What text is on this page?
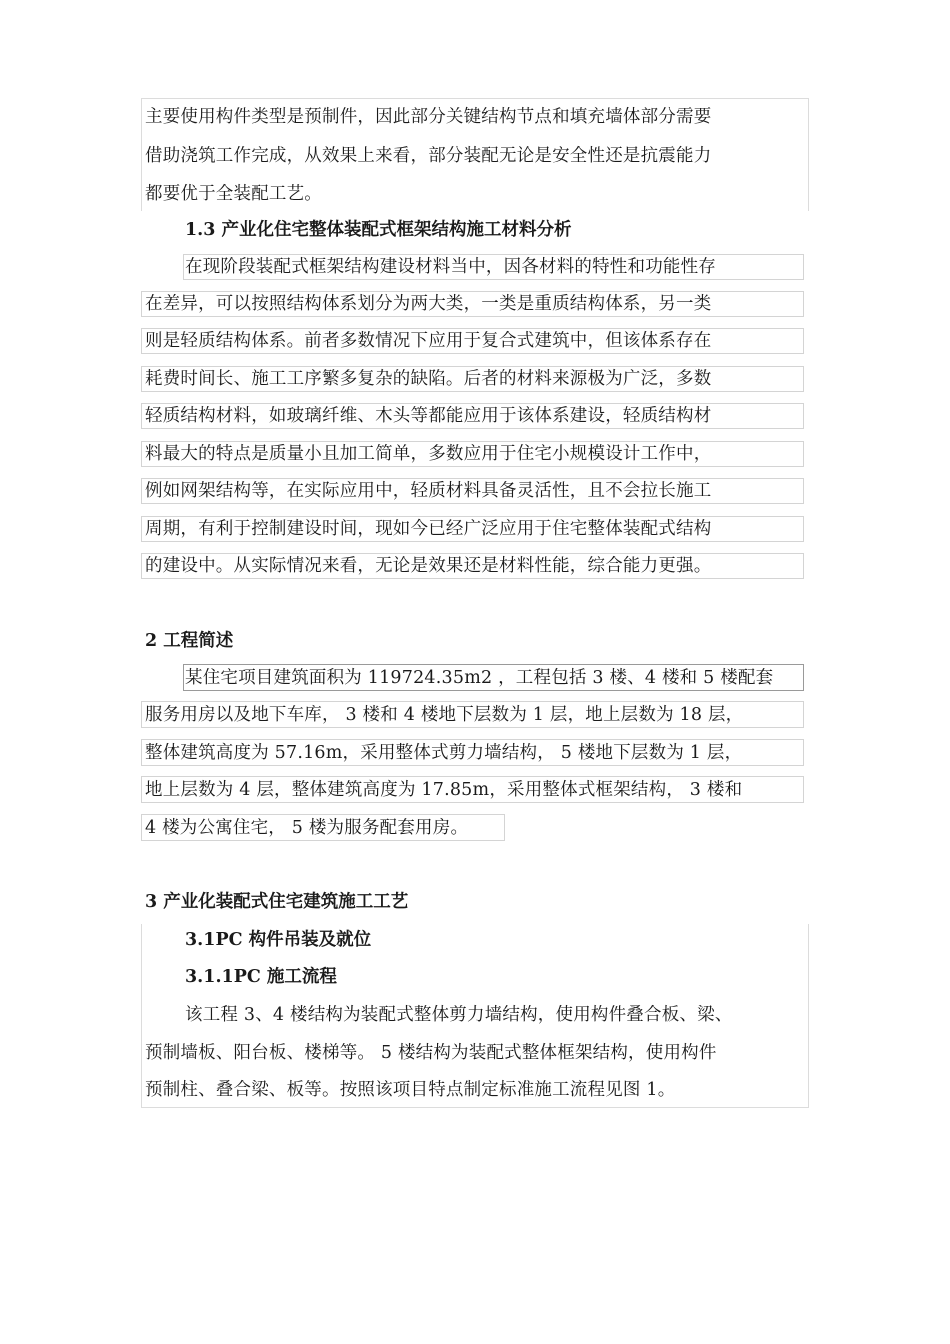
主要使用构件类型是预制件，因此部分关键结构节点和填充墙体部分需要
借助浇筑工作完成，从效果上来看，部分装配无论是安全性还是抗震能力
都要优于全装配工艺。
1.3 产业化住宅整体装配式框架结构施工材料分析
在现阶段装配式框架结构建设材料当中，因各材料的特性和功能性存
在差异，可以按照结构体系划分为两大类，一类是重质结构体系，另一类
则是轻质结构体系。前者多数情况下应用于复合式建筑中，但该体系存在
耗费时间长、施工工序繁多复杂的缺陷。后者的材料来源极为广泛，多数
轻质结构材料，如玻璃纤维、木头等都能应用于该体系建设，轻质结构材
料最大的特点是质量小且加工简单，多数应用于住宅小规模设计工作中，
例如网架结构等，在实际应用中，轻质材料具备灵活性，且不会拉长施工
周期，有利于控制建设时间，现如今已经广泛应用于住宅整体装配式结构
的建设中。从实际情况来看，无论是效果还是材料性能，综合能力更强。
2 工程简述
某住宅项目建筑面积为 119724.35m2 ，工程包括 3 楼、4 楼和 5 楼配套
服务用房以及地下车库， 3 楼和 4 楼地下层数为 1 层，地上层数为 18 层，
整体建筑高度为 57.16m，采用整体式剪力墙结构， 5 楼地下层数为 1 层，
地上层数为 4 层，整体建筑高度为 17.85m，采用整体式框架结构， 3 楼和
4 楼为公寓住宅， 5 楼为服务配套用房。
3 产业化装配式住宅建筑施工工艺
3.1PC 构件吊装及就位
3.1.1PC 施工流程
该工程 3、4 楼结构为装配式整体剪力墙结构，使用构件叠合板、梁、
预制墙板、阳台板、楼梯等。 5 楼结构为装配式整体框架结构，使用构件
预制柱、叠合梁、板等。按照该项目特点制定标准施工流程见图 1。
